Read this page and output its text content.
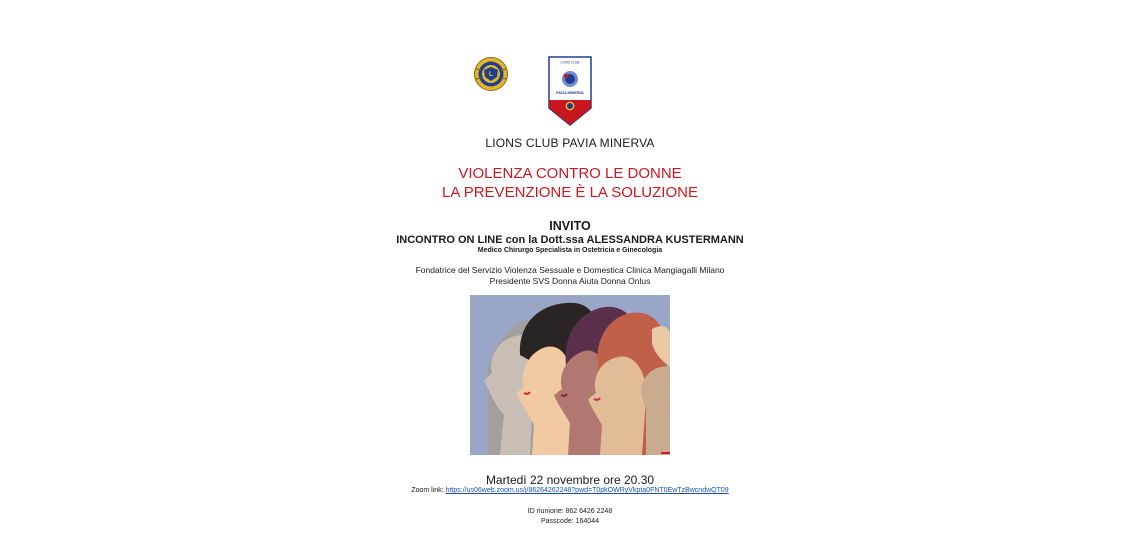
L
LIONS CLUB
PAVIA MINERVA
LIONS CLUB PAVIA MINERVA
VIOLENZA CONTRO LE DONNE
LA PREVENZIONE È LA SOLUZIONE
INVITO
INCONTRO ON LINE con la Dott.ssa ALESSANDRA KUSTERMANN
Medico Chirurgo Specialista in Ostetricia e Ginecologia
Fondatrice del Servizio Violenza Sessuale e Domestica Clinica Mangiagalli Milano
Presidente SVS Donna Aiuta Donna Onlus
Martedì 22 novembre ore 20.30
Zoom link: https://us06web.zoom.us/j/86264262248?pwd=T0pkOWRyVkpta0FNT0EwTzBwcndwQT09
ID riunione: 862 6426 2248
Passcode: 164044
